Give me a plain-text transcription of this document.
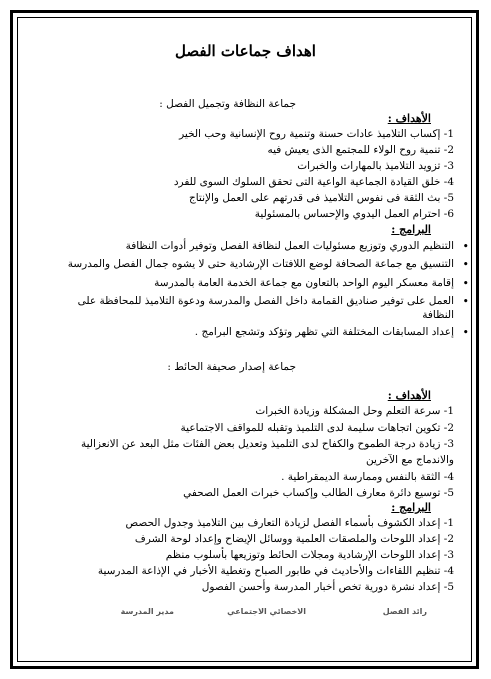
اهداف جماعات الفصل
جماعة النظافة وتجميل الفصل :
الأهداف :
1- إكساب التلاميذ عادات حسنة وتنمية روح الإنسانية وحب الخير
2- تنمية روح الولاء للمجتمع الذى يعيش فيه
3- تزويد التلاميذ بالمهارات والخبرات
4- خلق القيادة الجماعية الواعية التى تحقق السلوك السوى للفرد
5- بث الثقة فى نفوس التلاميذ فى قدرتهم على العمل والإنتاج
6- احترام العمل اليدوي والإحساس بالمسئولية
البرامج :
التنظيم الدوري وتوزيع مسئوليات العمل لنظافة الفصل وتوفير أدوات النظافة •
التنسيق مع جماعة الصحافة لوضع اللافتات الإرشادية حتى لا يشوه جمال الفصل والمدرسة •
إقامة معسكر اليوم الواحد بالتعاون مع جماعة الخدمة العامة بالمدرسة •
العمل على توفير صناديق القمامة داخل الفصل والمدرسة ودعوة التلاميذ للمحافظة على •
النظافة
إعداد المسابقات المختلفة التي تظهر وتؤكد وتشجع البرامج . •
جماعة إصدار صحيفة الحائط :
الأهداف :
1- سرعة التعلم وحل المشكلة وزيادة الخبرات
2- تكوين اتجاهات سليمة لدى التلميذ وتقبله للمواقف الاجتماعية
3- زيادة درجة الطموح والكفاح لدى التلميذ وتعديل بعض الفئات مثل البعد عن الانعزالية
والاندماج مع الآخرين
4- الثقة بالنفس وممارسة الديمقراطية .
5- توسيع دائرة معارف الطالب وإكساب خبرات العمل الصحفي
البرامج :
1- إعداد الكشوف بأسماء الفصل لزيادة التعارف بين التلاميذ وجدول الحصص
2- إعداد اللوحات والملصقات العلمية ووسائل الإيضاح وإعداد لوحة الشرف
3- إعداد اللوحات الإرشادية ومجلات الحائط وتوزيعها بأسلوب منظم
4- تنظيم اللقاءات والأحاديث في طابور الصباح وتغطية الأخبار في الإذاعة المدرسية
5- إعداد نشرة دورية تخص أخبار المدرسة وأحسن الفصول
رائد الفصل
الاخصائي الاجتماعي
مدير المدرسة
